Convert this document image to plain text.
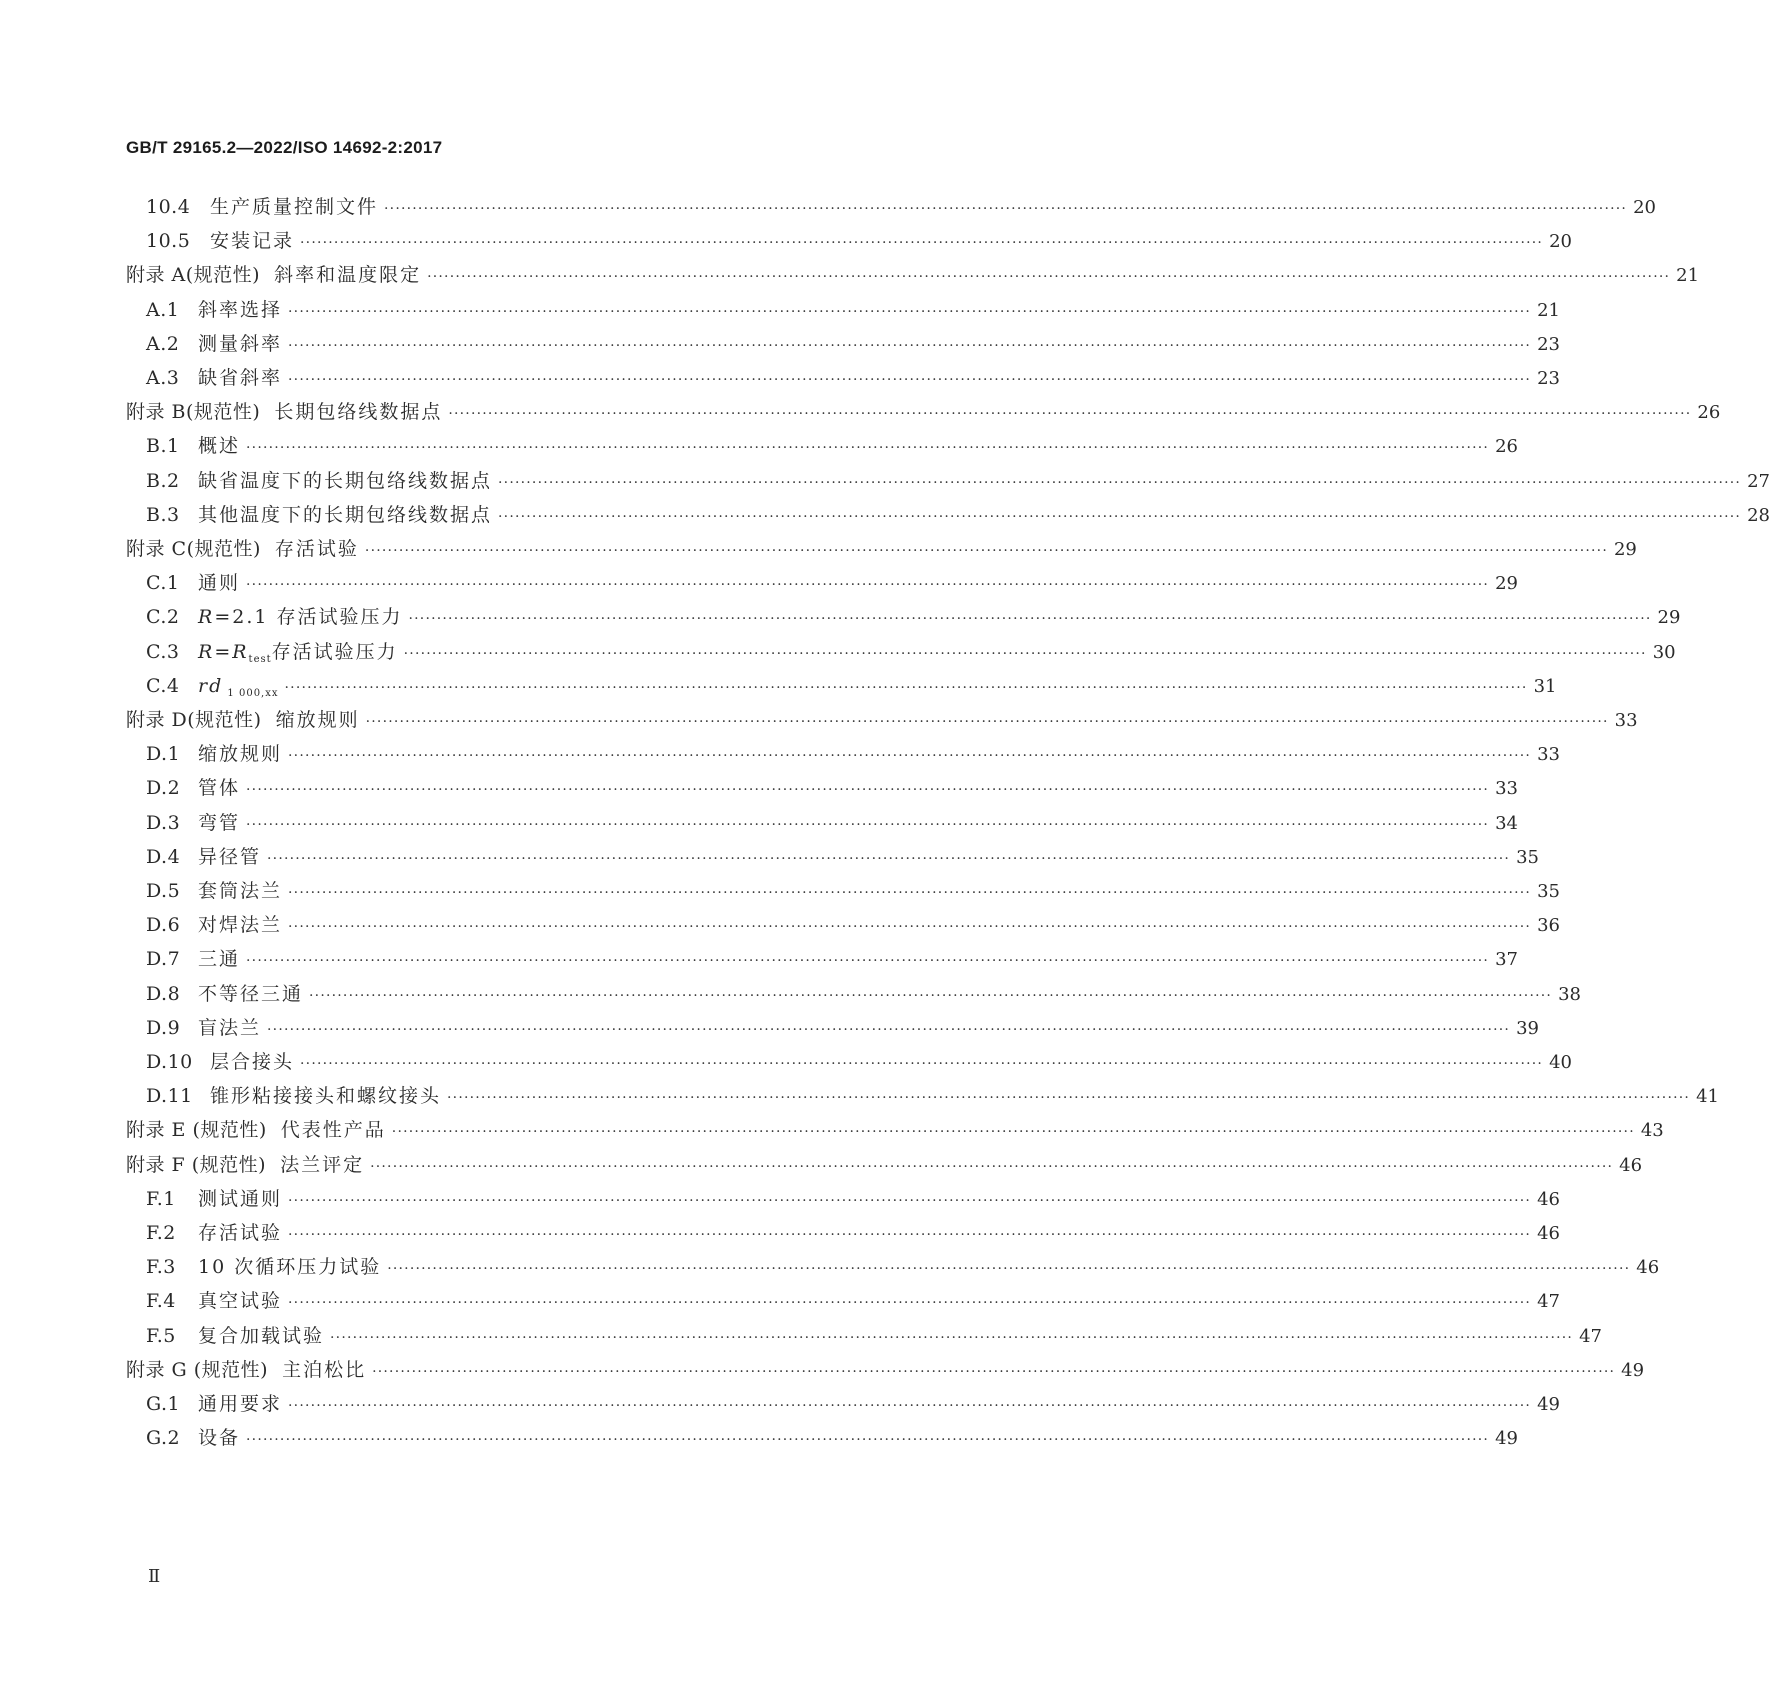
GB/T 29165.2—2022/ISO 14692-2:2017
10.4	生产质量控制文件 ···························································································································································································································· 20
10.5	安装记录 ···························································································································································································································· 20
附录 A(规范性) 斜率和温度限定 ···························································································································································································································· 21
A.1 斜率选择 ···························································································································································································································· 21
A.2 测量斜率 ···························································································································································································································· 23
A.3 缺省斜率 ···························································································································································································································· 23
附录 B(规范性) 长期包络线数据点 ···························································································································································································································· 26
B.1 概述 ···························································································································································································································· 26
B.2 缺省温度下的长期包络线数据点 ···························································································································································································································· 27
B.3 其他温度下的长期包络线数据点 ···························································································································································································································· 28
附录 C(规范性) 存活试验 ···························································································································································································································· 29
C.1 通则 ···························································································································································································································· 29
C.2 R=2.1 存活试验压力 ···························································································································································································································· 29
C.3 $R=R_{test}$存活试验压力 ···························································································································································································································· 30
C.4 rd $_{1 000,xx}$ ···························································································································································································································· 31
附录 D(规范性) 缩放规则 ···························································································································································································································· 33
D.1 缩放规则 ···························································································································································································································· 33
D.2 管体 ···························································································································································································································· 33
D.3 弯管 ···························································································································································································································· 34
D.4 异径管 ···························································································································································································································· 35
D.5 套筒法兰 ···························································································································································································································· 35
D.6 对焊法兰 ···························································································································································································································· 36
D.7 三通 ···························································································································································································································· 37
D.8 不等径三通 ···························································································································································································································· 38
D.9 盲法兰 ···························································································································································································································· 39
D.10 层合接头 ···························································································································································································································· 40
D.11 锥形粘接接头和螺纹接头 ···························································································································································································································· 41
附录 E (规范性) 代表性产品 ···························································································································································································································· 43
附录 F (规范性) 法兰评定 ···························································································································································································································· 46
F.1	测试通则 ···························································································································································································································· 46
F.2	存活试验 ···························································································································································································································· 46
F.3	10 次循环压力试验 ···························································································································································································································· 46
F.4	真空试验 ···························································································································································································································· 47
F.5	复合加载试验 ···························································································································································································································· 47
附录 G (规范性) 主泊松比 ···························································································································································································································· 49
G.1 通用要求 ···························································································································································································································· 49
G.2 设备 ···························································································································································································································· 49
Ⅱ
